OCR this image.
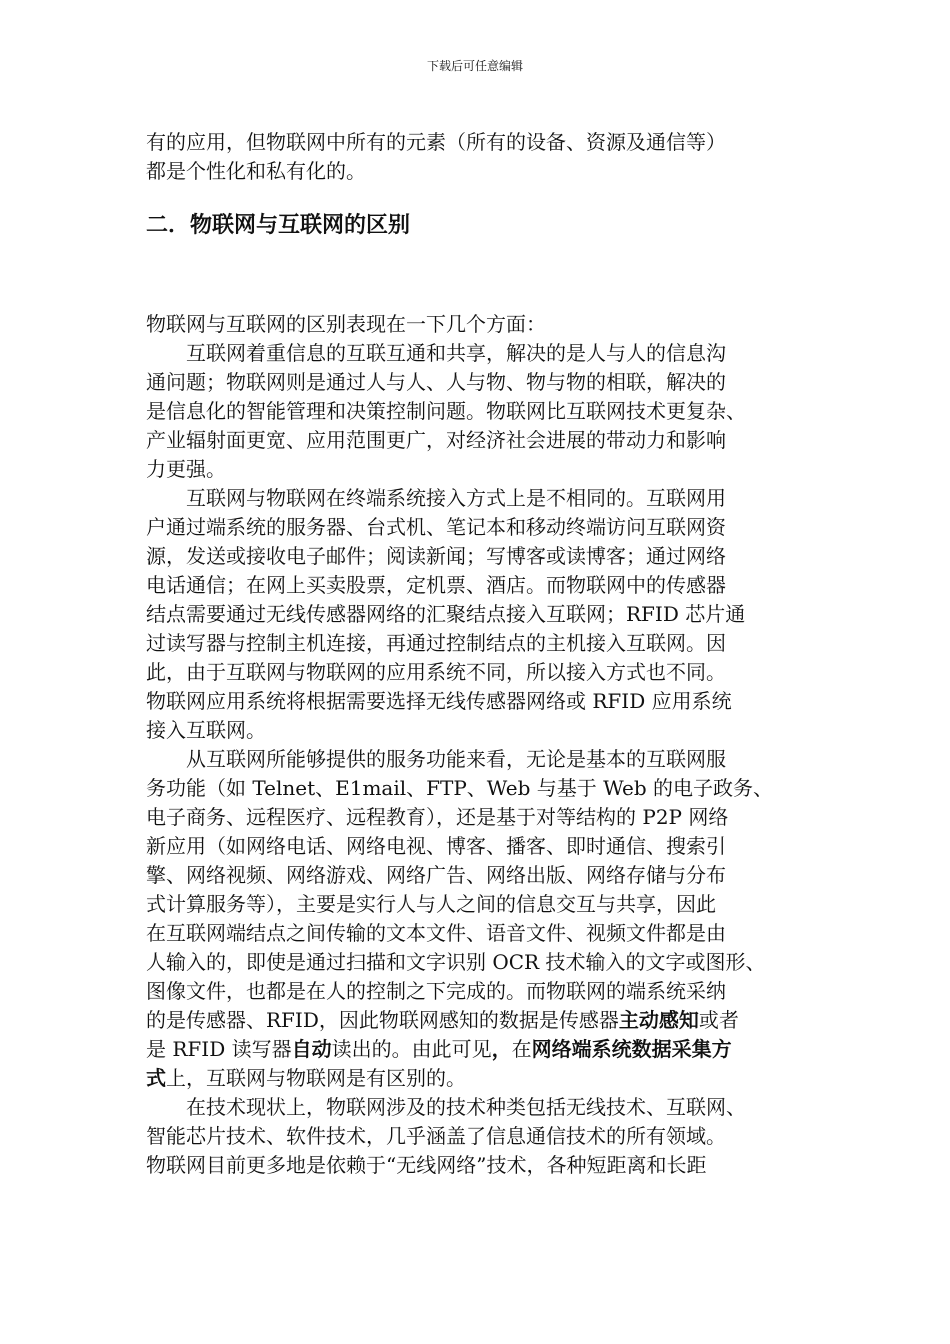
下载后可任意编辑
有的应用，但物联网中所有的元素（所有的设备、资源及通信等）
都是个性化和私有化的。
二．物联网与互联网的区别
物联网与互联网的区别表现在一下几个方面：
互联网着重信息的互联互通和共享，解决的是人与人的信息沟
通问题；物联网则是通过人与人、人与物、物与物的相联，解决的
是信息化的智能管理和决策控制问题。物联网比互联网技术更复杂、
产业辐射面更宽、应用范围更广，对经济社会进展的带动力和影响
力更强。
互联网与物联网在终端系统接入方式上是不相同的。互联网用
户通过端系统的服务器、台式机、笔记本和移动终端访问互联网资
源，发送或接收电子邮件；阅读新闻；写博客或读博客；通过网络
电话通信；在网上买卖股票，定机票、酒店。而物联网中的传感器
结点需要通过无线传感器网络的汇聚结点接入互联网；RFID 芯片通
过读写器与控制主机连接，再通过控制结点的主机接入互联网。因
此，由于互联网与物联网的应用系统不同，所以接入方式也不同。
物联网应用系统将根据需要选择无线传感器网络或 RFID 应用系统
接入互联网。
从互联网所能够提供的服务功能来看，无论是基本的互联网服
务功能（如 Telnet、E1mail、FTP、Web 与基于 Web 的电子政务、
电子商务、远程医疗、远程教育），还是基于对等结构的 P2P 网络
新应用（如网络电话、网络电视、博客、播客、即时通信、搜索引
擎、网络视频、网络游戏、网络广告、网络出版、网络存储与分布
式计算服务等），主要是实行人与人之间的信息交互与共享，因此
在互联网端结点之间传输的文本文件、语音文件、视频文件都是由
人输入的，即使是通过扫描和文字识别 OCR 技术输入的文字或图形、
图像文件，也都是在人的控制之下完成的。而物联网的端系统采纳
的是传感器、RFID，因此物联网感知的数据是传感器主动感知或者
是 RFID 读写器自动读出的。由此可见，在网络端系统数据采集方
式上，互联网与物联网是有区别的。
在技术现状上，物联网涉及的技术种类包括无线技术、互联网、
智能芯片技术、软件技术，几乎涵盖了信息通信技术的所有领域。
物联网目前更多地是依赖于“无线网络”技术，各种短距离和长距
